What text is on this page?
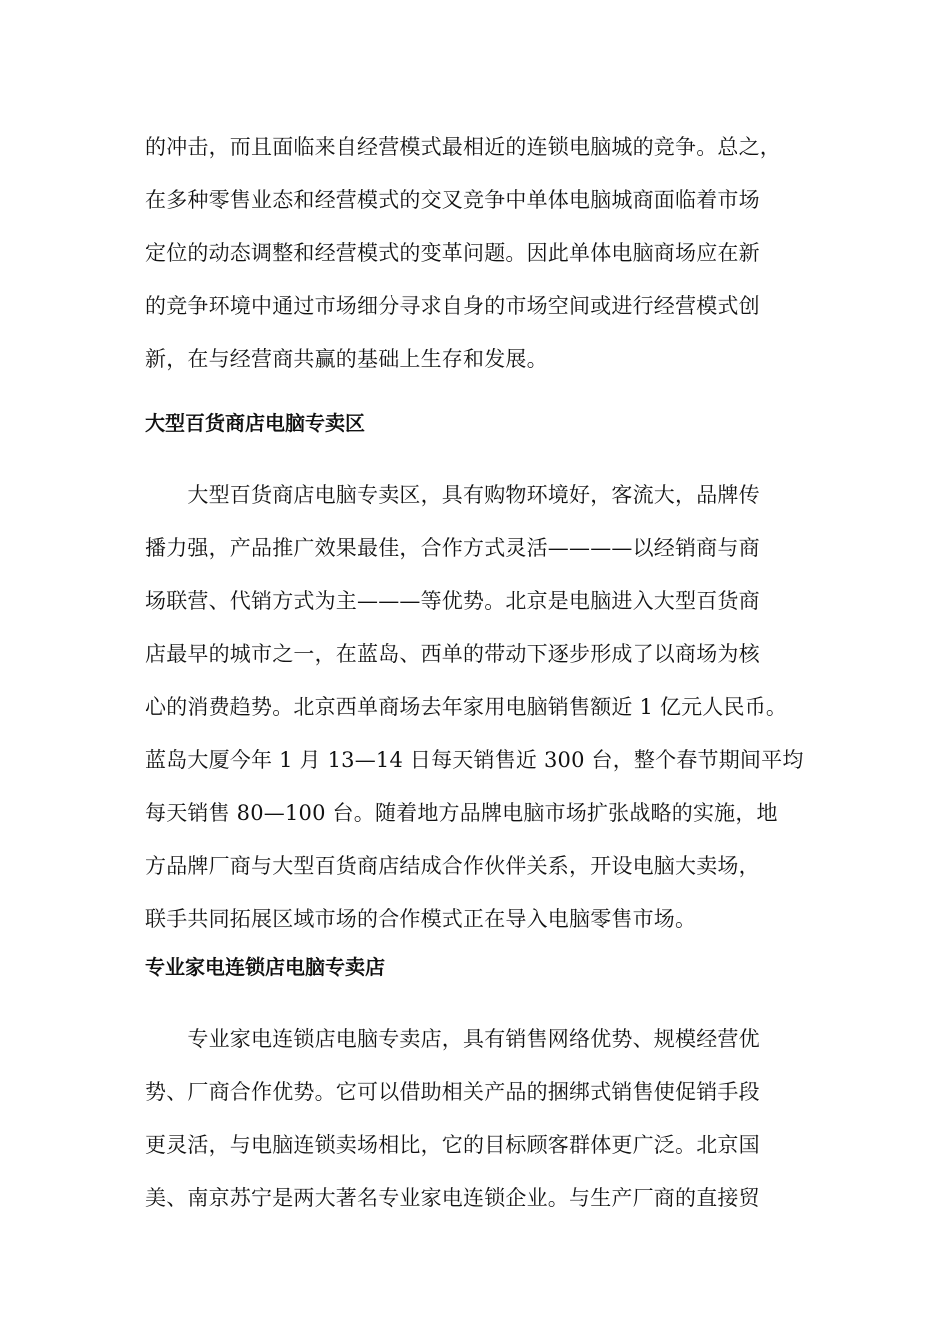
的冲击，而且面临来自经营模式最相近的连锁电脑城的竞争。总之，
在多种零售业态和经营模式的交叉竞争中单体电脑城商面临着市场
定位的动态调整和经营模式的变革问题。因此单体电脑商场应在新
的竞争环境中通过市场细分寻求自身的市场空间或进行经营模式创
新，在与经营商共赢的基础上生存和发展。
大型百货商店电脑专卖区
　　大型百货商店电脑专卖区，具有购物环境好，客流大，品牌传
播力强，产品推广效果最佳，合作方式灵活————以经销商与商
场联营、代销方式为主———等优势。北京是电脑进入大型百货商
店最早的城市之一，在蓝岛、西单的带动下逐步形成了以商场为核
心的消费趋势。北京西单商场去年家用电脑销售额近 1 亿元人民币。
蓝岛大厦今年 1 月 13—14 日每天销售近 300 台，整个春节期间平均
每天销售 80—100 台。随着地方品牌电脑市场扩张战略的实施，地
方品牌厂商与大型百货商店结成合作伙伴关系，开设电脑大卖场，
联手共同拓展区域市场的合作模式正在导入电脑零售市场。
专业家电连锁店电脑专卖店
　　专业家电连锁店电脑专卖店，具有销售网络优势、规模经营优
势、厂商合作优势。它可以借助相关产品的捆绑式销售使促销手段
更灵活，与电脑连锁卖场相比，它的目标顾客群体更广泛。北京国
美、南京苏宁是两大著名专业家电连锁企业。与生产厂商的直接贸
